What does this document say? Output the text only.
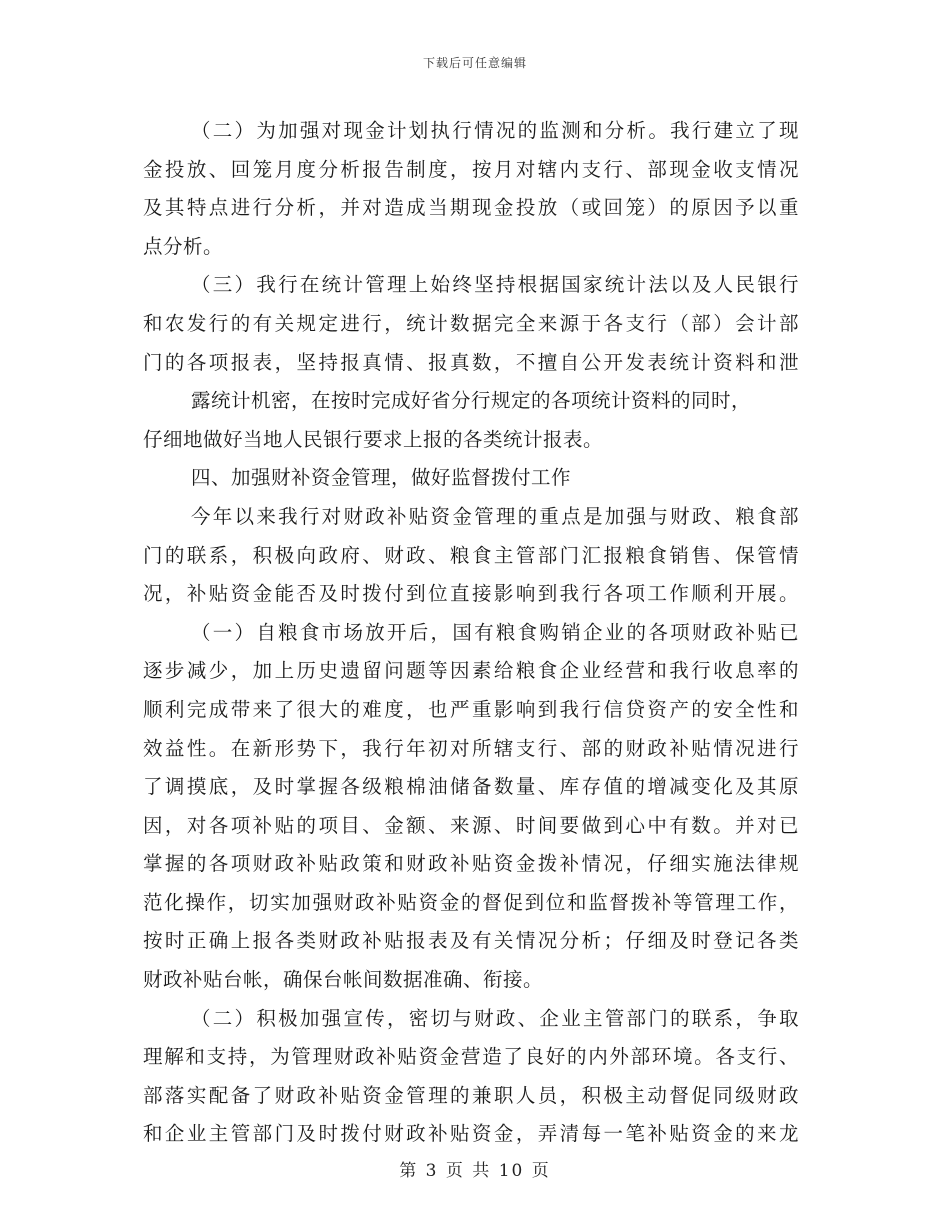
下载后可任意编辑
（二）为加强对现金计划执行情况的监测和分析。我行建立了现
金投放、回笼月度分析报告制度，按月对辖内支行、部现金收支情况
及其特点进行分析，并对造成当期现金投放（或回笼）的原因予以重
点分析。
（三）我行在统计管理上始终坚持根据国家统计法以及人民银行
和农发行的有关规定进行，统计数据完全来源于各支行（部）会计部
门的各项报表，坚持报真情、报真数，不擅自公开发表统计资料和泄
露统计机密，在按时完成好省分行规定的各项统计资料的同时，
仔细地做好当地人民银行要求上报的各类统计报表。
四、加强财补资金管理，做好监督拨付工作
今年以来我行对财政补贴资金管理的重点是加强与财政、粮食部
门的联系，积极向政府、财政、粮食主管部门汇报粮食销售、保管情
况，补贴资金能否及时拨付到位直接影响到我行各项工作顺利开展。
（一）自粮食市场放开后，国有粮食购销企业的各项财政补贴已
逐步减少，加上历史遗留问题等因素给粮食企业经营和我行收息率的
顺利完成带来了很大的难度，也严重影响到我行信贷资产的安全性和
效益性。在新形势下，我行年初对所辖支行、部的财政补贴情况进行
了调摸底，及时掌握各级粮棉油储备数量、库存值的增减变化及其原
因，对各项补贴的项目、金额、来源、时间要做到心中有数。并对已
掌握的各项财政补贴政策和财政补贴资金拨补情况，仔细实施法律规
范化操作，切实加强财政补贴资金的督促到位和监督拨补等管理工作，
按时正确上报各类财政补贴报表及有关情况分析；仔细及时登记各类
财政补贴台帐，确保台帐间数据准确、衔接。
（二）积极加强宣传，密切与财政、企业主管部门的联系，争取
理解和支持，为管理财政补贴资金营造了良好的内外部环境。各支行、
部落实配备了财政补贴资金管理的兼职人员，积极主动督促同级财政
和企业主管部门及时拨付财政补贴资金，弄清每一笔补贴资金的来龙
第 3 页 共 10 页
